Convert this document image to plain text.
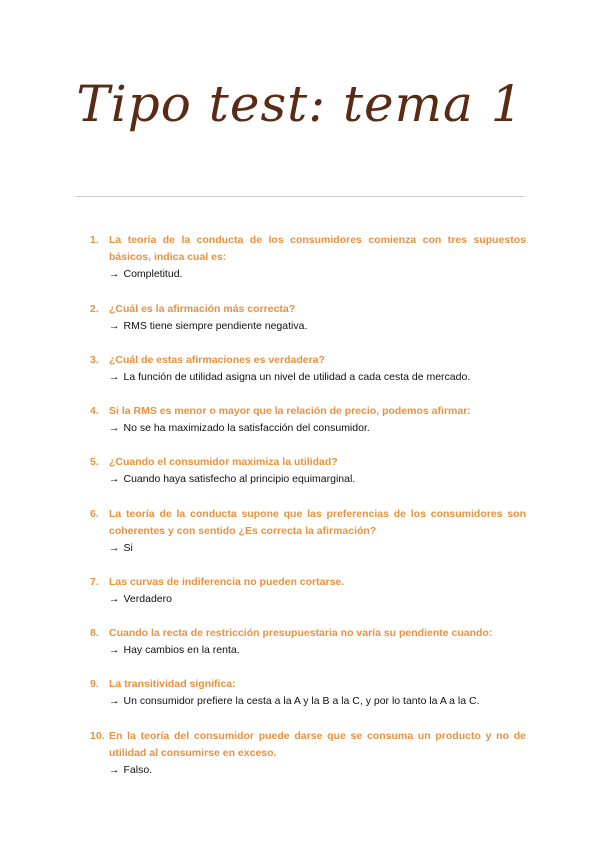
Tipo test: tema 1
1. La teoría de la conducta de los consumidores comienza con tres supuestos básicos, indica cual es:
→ Completitud.
2. ¿Cuál es la afirmación más correcta?
→ RMS tiene siempre pendiente negativa.
3. ¿Cuál de estas afirmaciones es verdadera?
→ La función de utilidad asigna un nivel de utilidad a cada cesta de mercado.
4. Si la RMS es menor o mayor que la relación de precio, podemos afirmar:
→ No se ha maximizado la satisfacción del consumidor.
5. ¿Cuando el consumidor maximiza la utilidad?
→ Cuando haya satisfecho al principio equimarginal.
6. La teoría de la conducta supone que las preferencias de los consumidores son coherentes y con sentido ¿Es correcta la afirmación?
→ Si
7. Las curvas de indiferencia no pueden cortarse.
→ Verdadero
8. Cuando la recta de restricción presupuestaria no varía su pendiente cuando:
→ Hay cambios en la renta.
9. La transitividad significa:
→ Un consumidor prefiere la cesta a la A y la B a la C, y por lo tanto la A a la C.
10. En la teoría del consumidor puede darse que se consuma un producto y no de utilidad al consumirse en exceso.
→ Falso.
